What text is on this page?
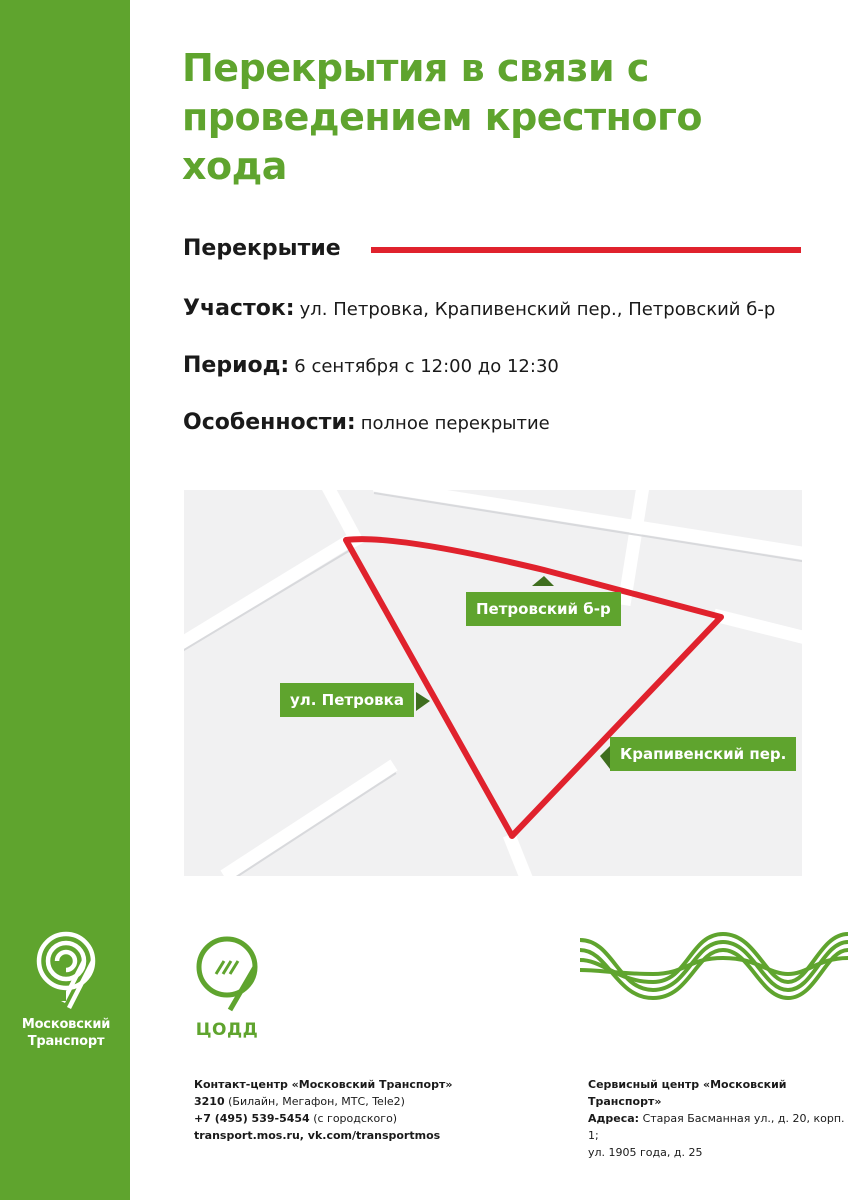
Московский
Транспорт
Перекрытия в связи с
проведением крестного
хода
Перекрытие
Участок: ул. Петровка, Крапивенский пер., Петровский б-р
Период: 6 сентября с 12:00 до 12:30
Особенности: полное перекрытие
Петровский б-р
ул. Петровка
Крапивенский пер.
ЦОДД
Контакт-центр «Московский Транспорт»
3210 (Билайн, Мегафон, МТС, Tele2)
+7 (495) 539-5454 (с городского)
transport.mos.ru, vk.com/transportmos
Сервисный центр «Московский Транспорт»
Адреса: Старая Басманная ул., д. 20, корп. 1;
ул. 1905 года, д. 25
